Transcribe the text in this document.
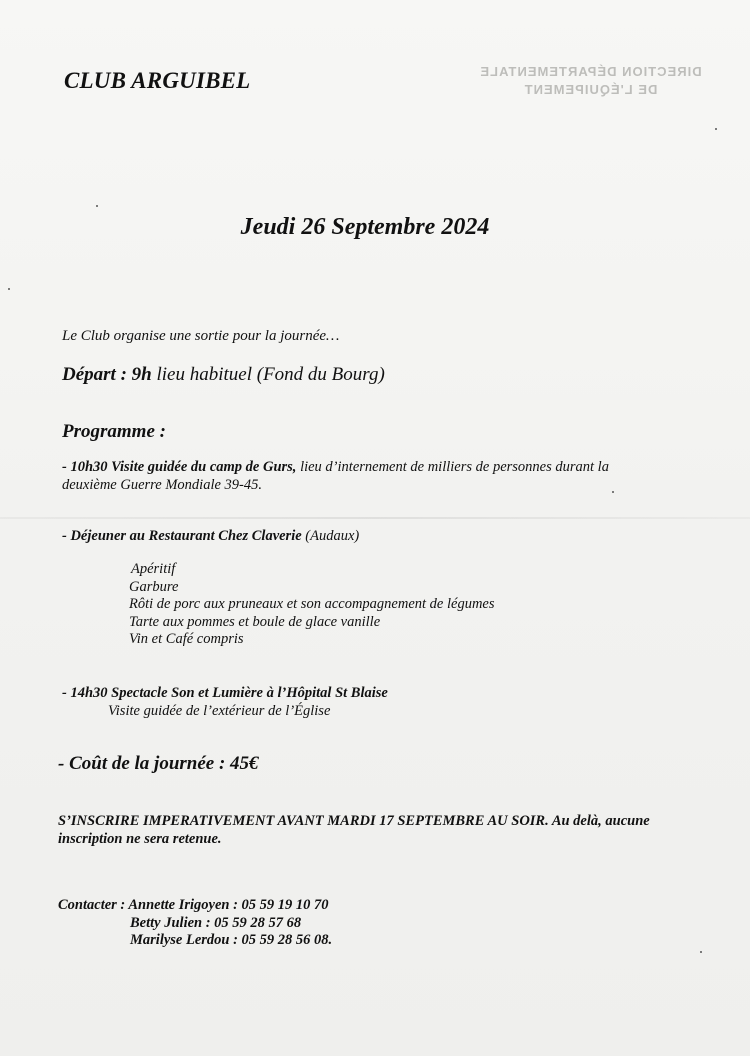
CLUB ARGUIBEL	DIRECTION DÉPARTEMENTALE
DE L'ÉQUIPEMENT
Jeudi 26 Septembre 2024
Le Club organise une sortie pour la journée…
Départ : 9h lieu habituel (Fond du Bourg)
Programme :
- 10h30 Visite guidée du camp de Gurs, lieu d’internement de milliers de personnes durant la deuxième Guerre Mondiale 39-45.
- Déjeuner au Restaurant Chez Claverie (Audaux)
Apéritif
Garbure
Rôti de porc aux pruneaux et son accompagnement de légumes
Tarte aux pommes et boule de glace vanille
Vin et Café compris
- 14h30 Spectacle Son et Lumière à l’Hôpital St Blaise
Visite guidée de l’extérieur de l’Église
- Coût de la journée : 45€
S’INSCRIRE IMPERATIVEMENT AVANT MARDI 17 SEPTEMBRE AU SOIR. Au delà, aucune inscription ne sera retenue.
Contacter : Annette Irigoyen : 05 59 19 10 70
Betty Julien : 05 59 28 57 68
Marilyse Lerdou : 05 59 28 56 08.
